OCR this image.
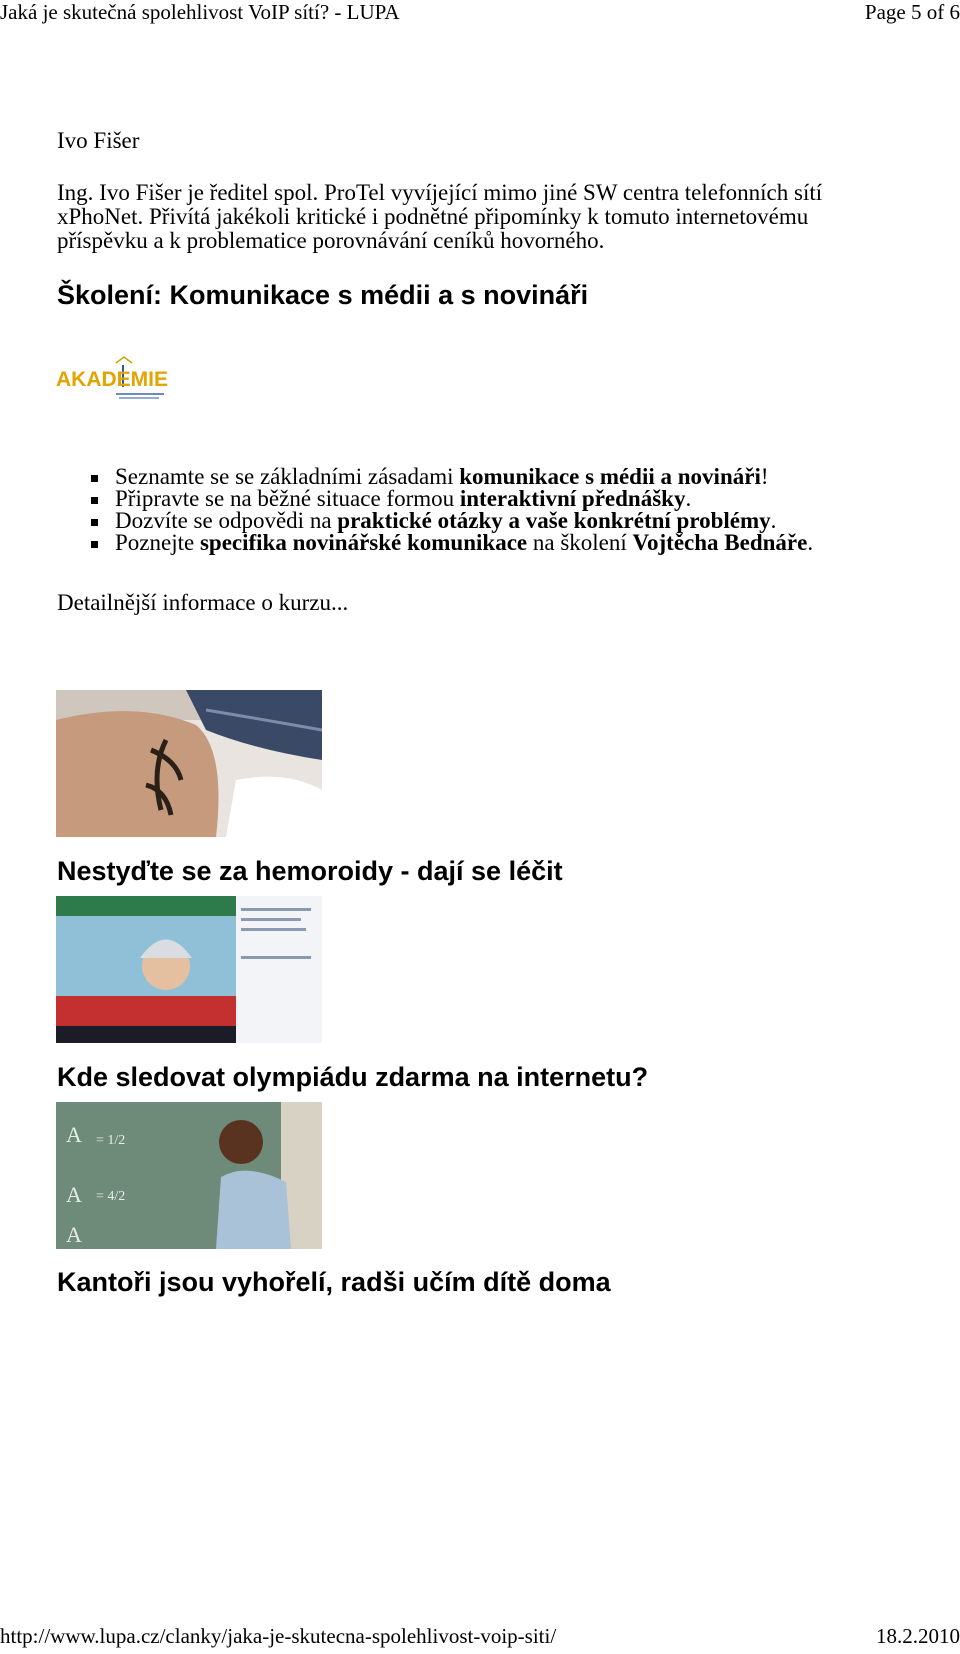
Jaká je skutečná spolehlivost VoIP sítí? - LUPA	Page 5 of 6
Ivo Fišer

Ing. Ivo Fišer je ředitel spol. ProTel vyvíjející mimo jiné SW centra telefonních sítí
xPhoNet. Přivítá jakékoli kritické i podnětné připomínky k tomuto internetovému
příspěvku a k problematice porovnávání ceníků hovorného.

Školení: Komunikace s médii a s novináři
AKADEMIE
Seznamte se se základními zásadami komunikace s médii a novináři!
Připravte se na běžné situace formou interaktivní přednášky.
Dozvíte se odpovědi na praktické otázky a vaše konkrétní problémy.
Poznejte specifika novinářské komunikace na školení Vojtěcha Bednáře.
Detailnější informace o kurzu...
Nestyďte se za hemoroidy - dají se léčit
Kde sledovat olympiádu zdarma na internetu?
A = 1/2
A = 4/2
A
Kantoři jsou vyhořelí, radši učím dítě doma
http://www.lupa.cz/clanky/jaka-je-skutecna-spolehlivost-voip-siti/	18.2.2010
